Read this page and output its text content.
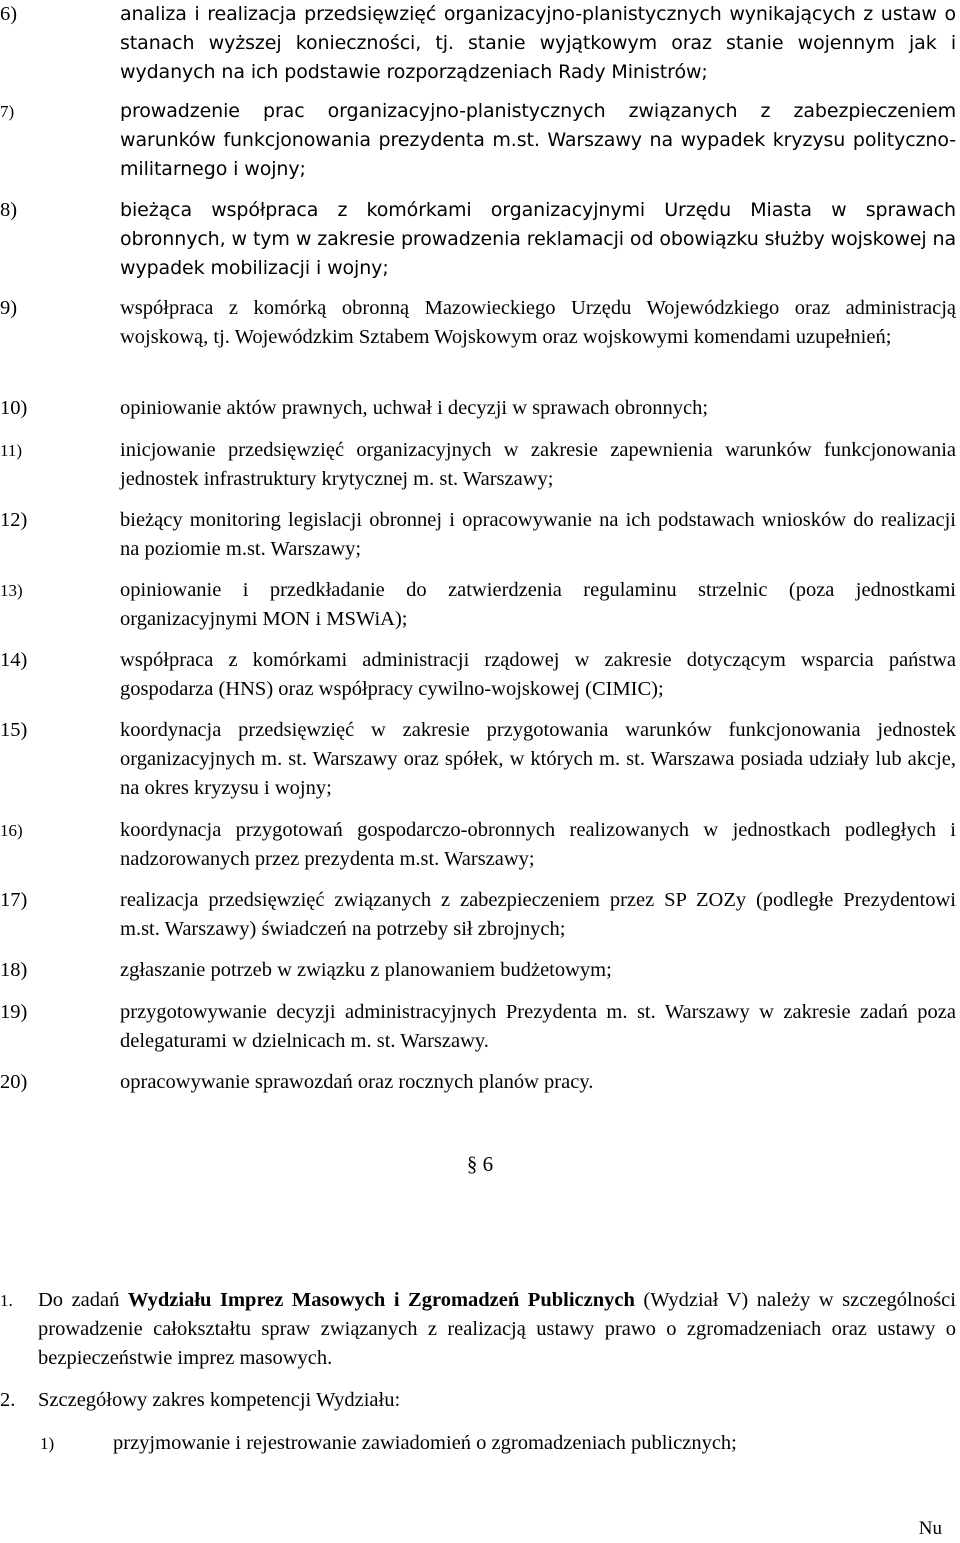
6)	analiza i realizacja przedsięwzięć organizacyjno-planistycznych wynikających z ustaw o stanach wyższej konieczności, tj. stanie wyjątkowym oraz stanie wojennym jak i wydanych na ich podstawie rozporządzeniach Rady Ministrów;
7)	prowadzenie prac organizacyjno-planistycznych związanych z zabezpieczeniem warunków funkcjonowania prezydenta m.st. Warszawy na wypadek kryzysu polityczno-militarnego i wojny;
8)	bieżąca współpraca z komórkami organizacyjnymi Urzędu Miasta w sprawach obronnych, w tym w zakresie prowadzenia reklamacji od obowiązku służby wojskowej na wypadek mobilizacji i wojny;
9)	współpraca z komórką obronną Mazowieckiego Urzędu Wojewódzkiego oraz administracją wojskową, tj. Wojewódzkim Sztabem Wojskowym oraz wojskowymi komendami uzupełnień;
10)	opiniowanie aktów prawnych, uchwał i decyzji w sprawach obronnych;
11)	inicjowanie przedsięwzięć organizacyjnych w zakresie zapewnienia warunków funkcjonowania jednostek infrastruktury krytycznej m. st. Warszawy;
12)	bieżący monitoring legislacji obronnej i opracowywanie na ich podstawach wniosków do realizacji na poziomie m.st. Warszawy;
13)	opiniowanie i przedkładanie do zatwierdzenia regulaminu strzelnic (poza jednostkami organizacyjnymi MON i MSWiA);
14)	współpraca z komórkami administracji rządowej w zakresie dotyczącym wsparcia państwa gospodarza (HNS) oraz współpracy cywilno-wojskowej (CIMIC);
15)	koordynacja przedsięwzięć w zakresie przygotowania warunków funkcjonowania jednostek organizacyjnych m. st. Warszawy oraz spółek, w których m. st. Warszawa posiada udziały lub akcje, na okres kryzysu i wojny;
16)	koordynacja przygotowań gospodarczo-obronnych realizowanych w jednostkach podległych i nadzorowanych przez prezydenta m.st. Warszawy;
17)	realizacja przedsięwzięć związanych z zabezpieczeniem przez SP ZOZy (podległe Prezydentowi m.st. Warszawy) świadczeń na potrzeby sił zbrojnych;
18)	zgłaszanie potrzeb w związku z planowaniem budżetowym;
19)	przygotowywanie decyzji administracyjnych Prezydenta m. st. Warszawy w zakresie zadań poza delegaturami w dzielnicach m. st. Warszawy.
20)	opracowywanie sprawozdań oraz rocznych planów pracy.
§ 6
1. Do zadań Wydziału Imprez Masowych i Zgromadzeń Publicznych (Wydział V) należy w szczególności prowadzenie całokształtu spraw związanych z realizacją ustawy prawo o zgromadzeniach oraz ustawy o bezpieczeństwie imprez masowych.
2. Szczegółowy zakres kompetencji Wydziału:
1)	przyjmowanie i rejestrowanie zawiadomień o zgromadzeniach publicznych;
Nu
